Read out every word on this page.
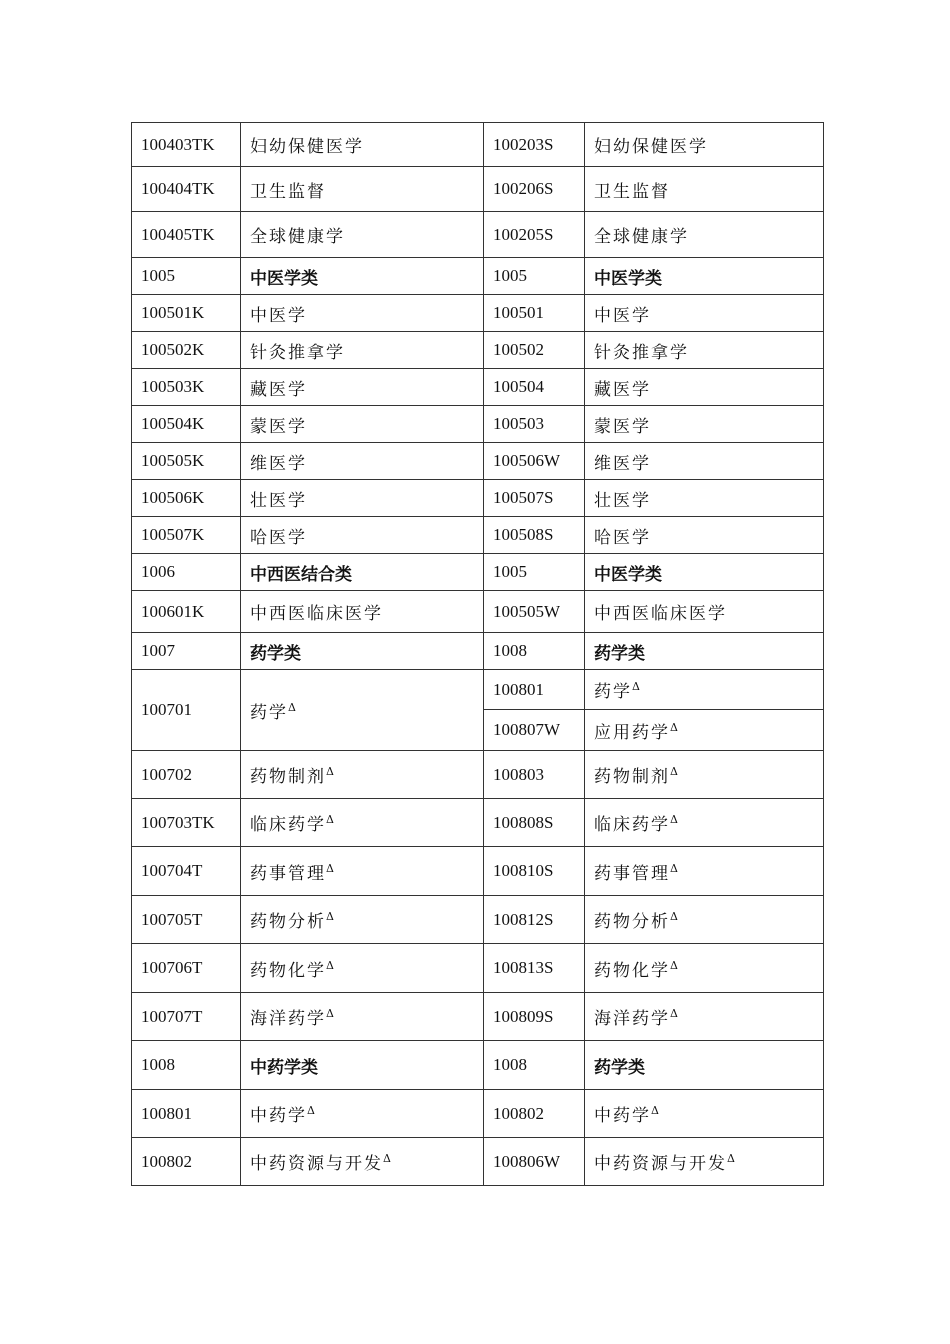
100403TK	妇幼保健医学	100203S	妇幼保健医学
100404TK	卫生监督	100206S	卫生监督
100405TK	全球健康学	100205S	全球健康学
1005	中医学类	1005	中医学类
100501K	中医学	100501	中医学
100502K	针灸推拿学	100502	针灸推拿学
100503K	藏医学	100504	藏医学
100504K	蒙医学	100503	蒙医学
100505K	维医学	100506W	维医学
100506K	壮医学	100507S	壮医学
100507K	哈医学	100508S	哈医学
1006	中西医结合类	1005	中医学类
100601K	中西医临床医学	100505W	中西医临床医学
1007	药学类	1008	药学类
100701	药学$^\Delta$	100801	药学$^\Delta$
		100807W	应用药学$^\Delta$
100702	药物制剂$^\Delta$	100803	药物制剂$^\Delta$
100703TK	临床药学$^\Delta$	100808S	临床药学$^\Delta$
100704T	药事管理$^\Delta$	100810S	药事管理$^\Delta$
100705T	药物分析$^\Delta$	100812S	药物分析$^\Delta$
100706T	药物化学$^\Delta$	100813S	药物化学$^\Delta$
100707T	海洋药学$^\Delta$	100809S	海洋药学$^\Delta$
1008	中药学类	1008	药学类
100801	中药学$^\Delta$	100802	中药学$^\Delta$
100802	中药资源与开发$^\Delta$	100806W	中药资源与开发$^\Delta$
